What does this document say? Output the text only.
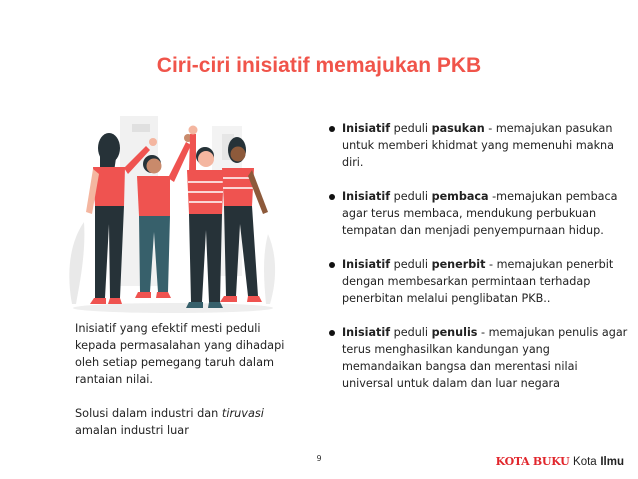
Ciri-ciri inisiatif memajukan PKB

Inisiatif yang efektif mesti peduli kepada permasalahan yang dihadapi oleh setiap pemegang taruh dalam rantaian nilai.

Solusi dalam industri dan tiruvasi amalan industri luar

Inisiatif peduli pasukan - memajukan pasukan untuk memberi khidmat yang memenuhi makna diri.
Inisiatif peduli pembaca -memajukan pembaca agar terus membaca, mendukung perbukuan tempatan dan menjadi penyempurnaan hidup.
Inisiatif peduli penerbit - memajukan penerbit dengan membesarkan permintaan terhadap penerbitan melalui penglibatan PKB..
Inisiatif peduli penulis - memajukan penulis agar terus menghasilkan kandungan yang memandaikan bangsa dan merentasi nilai universal untuk dalam dan luar negara
9	KOTA BUKU Kota Ilmu
